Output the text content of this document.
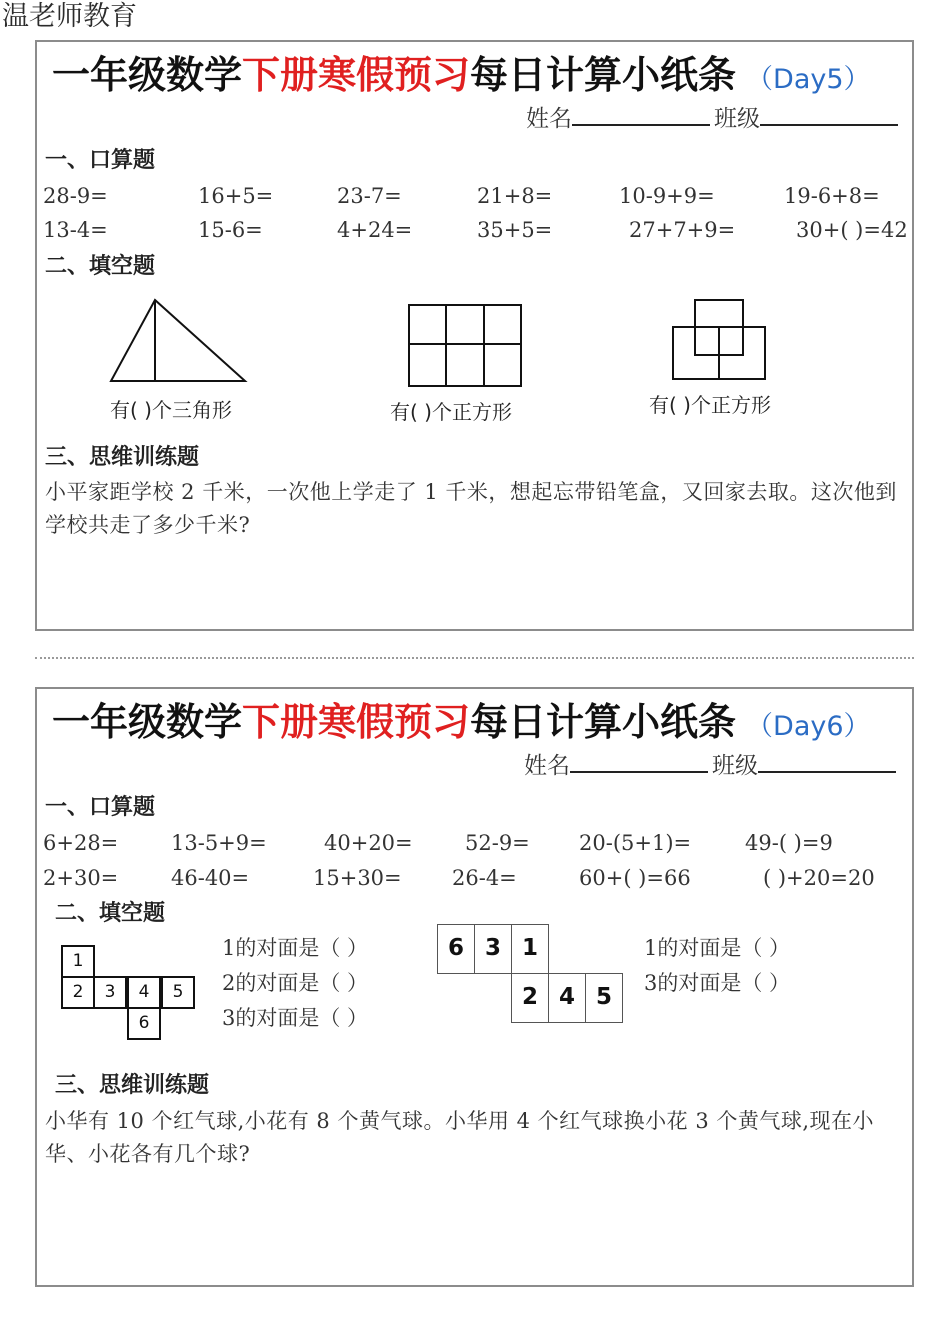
温老师教育
一年级数学下册寒假预习每日计算小纸条 （Day5）
姓名	班级
一、口算题
28-9=	16+5=	23-7=	21+8=	10-9+9=	19-6+8=
13-4=	15-6=	4+24=	35+5=	27+7+9=	30+( )=42
二、填空题
有( )个三角形	有( )个正方形	有( )个正方形
三、思维训练题
小平家距学校 2 千米，一次他上学走了 1 千米，想起忘带铅笔盒，又回家去取。这次他到学校共走了多少千米?
一年级数学下册寒假预习每日计算小纸条 （Day6）
姓名	班级
一、口算题
6+28=	13-5+9=	40+20= 52-9= 20-(5+1)=	49-( )=9
2+30=	46-40=	15+30= 26-4=	60+( )=66	( )+20=20
二、填空题
1
2	3	4	5
6
1的对面是（ ）
2的对面是（ ）
3的对面是（ ）
6 3 1
2 4 5
1的对面是（ ）
3的对面是（ ）
三、思维训练题
小华有 10 个红气球,小花有 8 个黄气球。小华用 4 个红气球换小花 3 个黄气球,现在小华、小花各有几个球?
